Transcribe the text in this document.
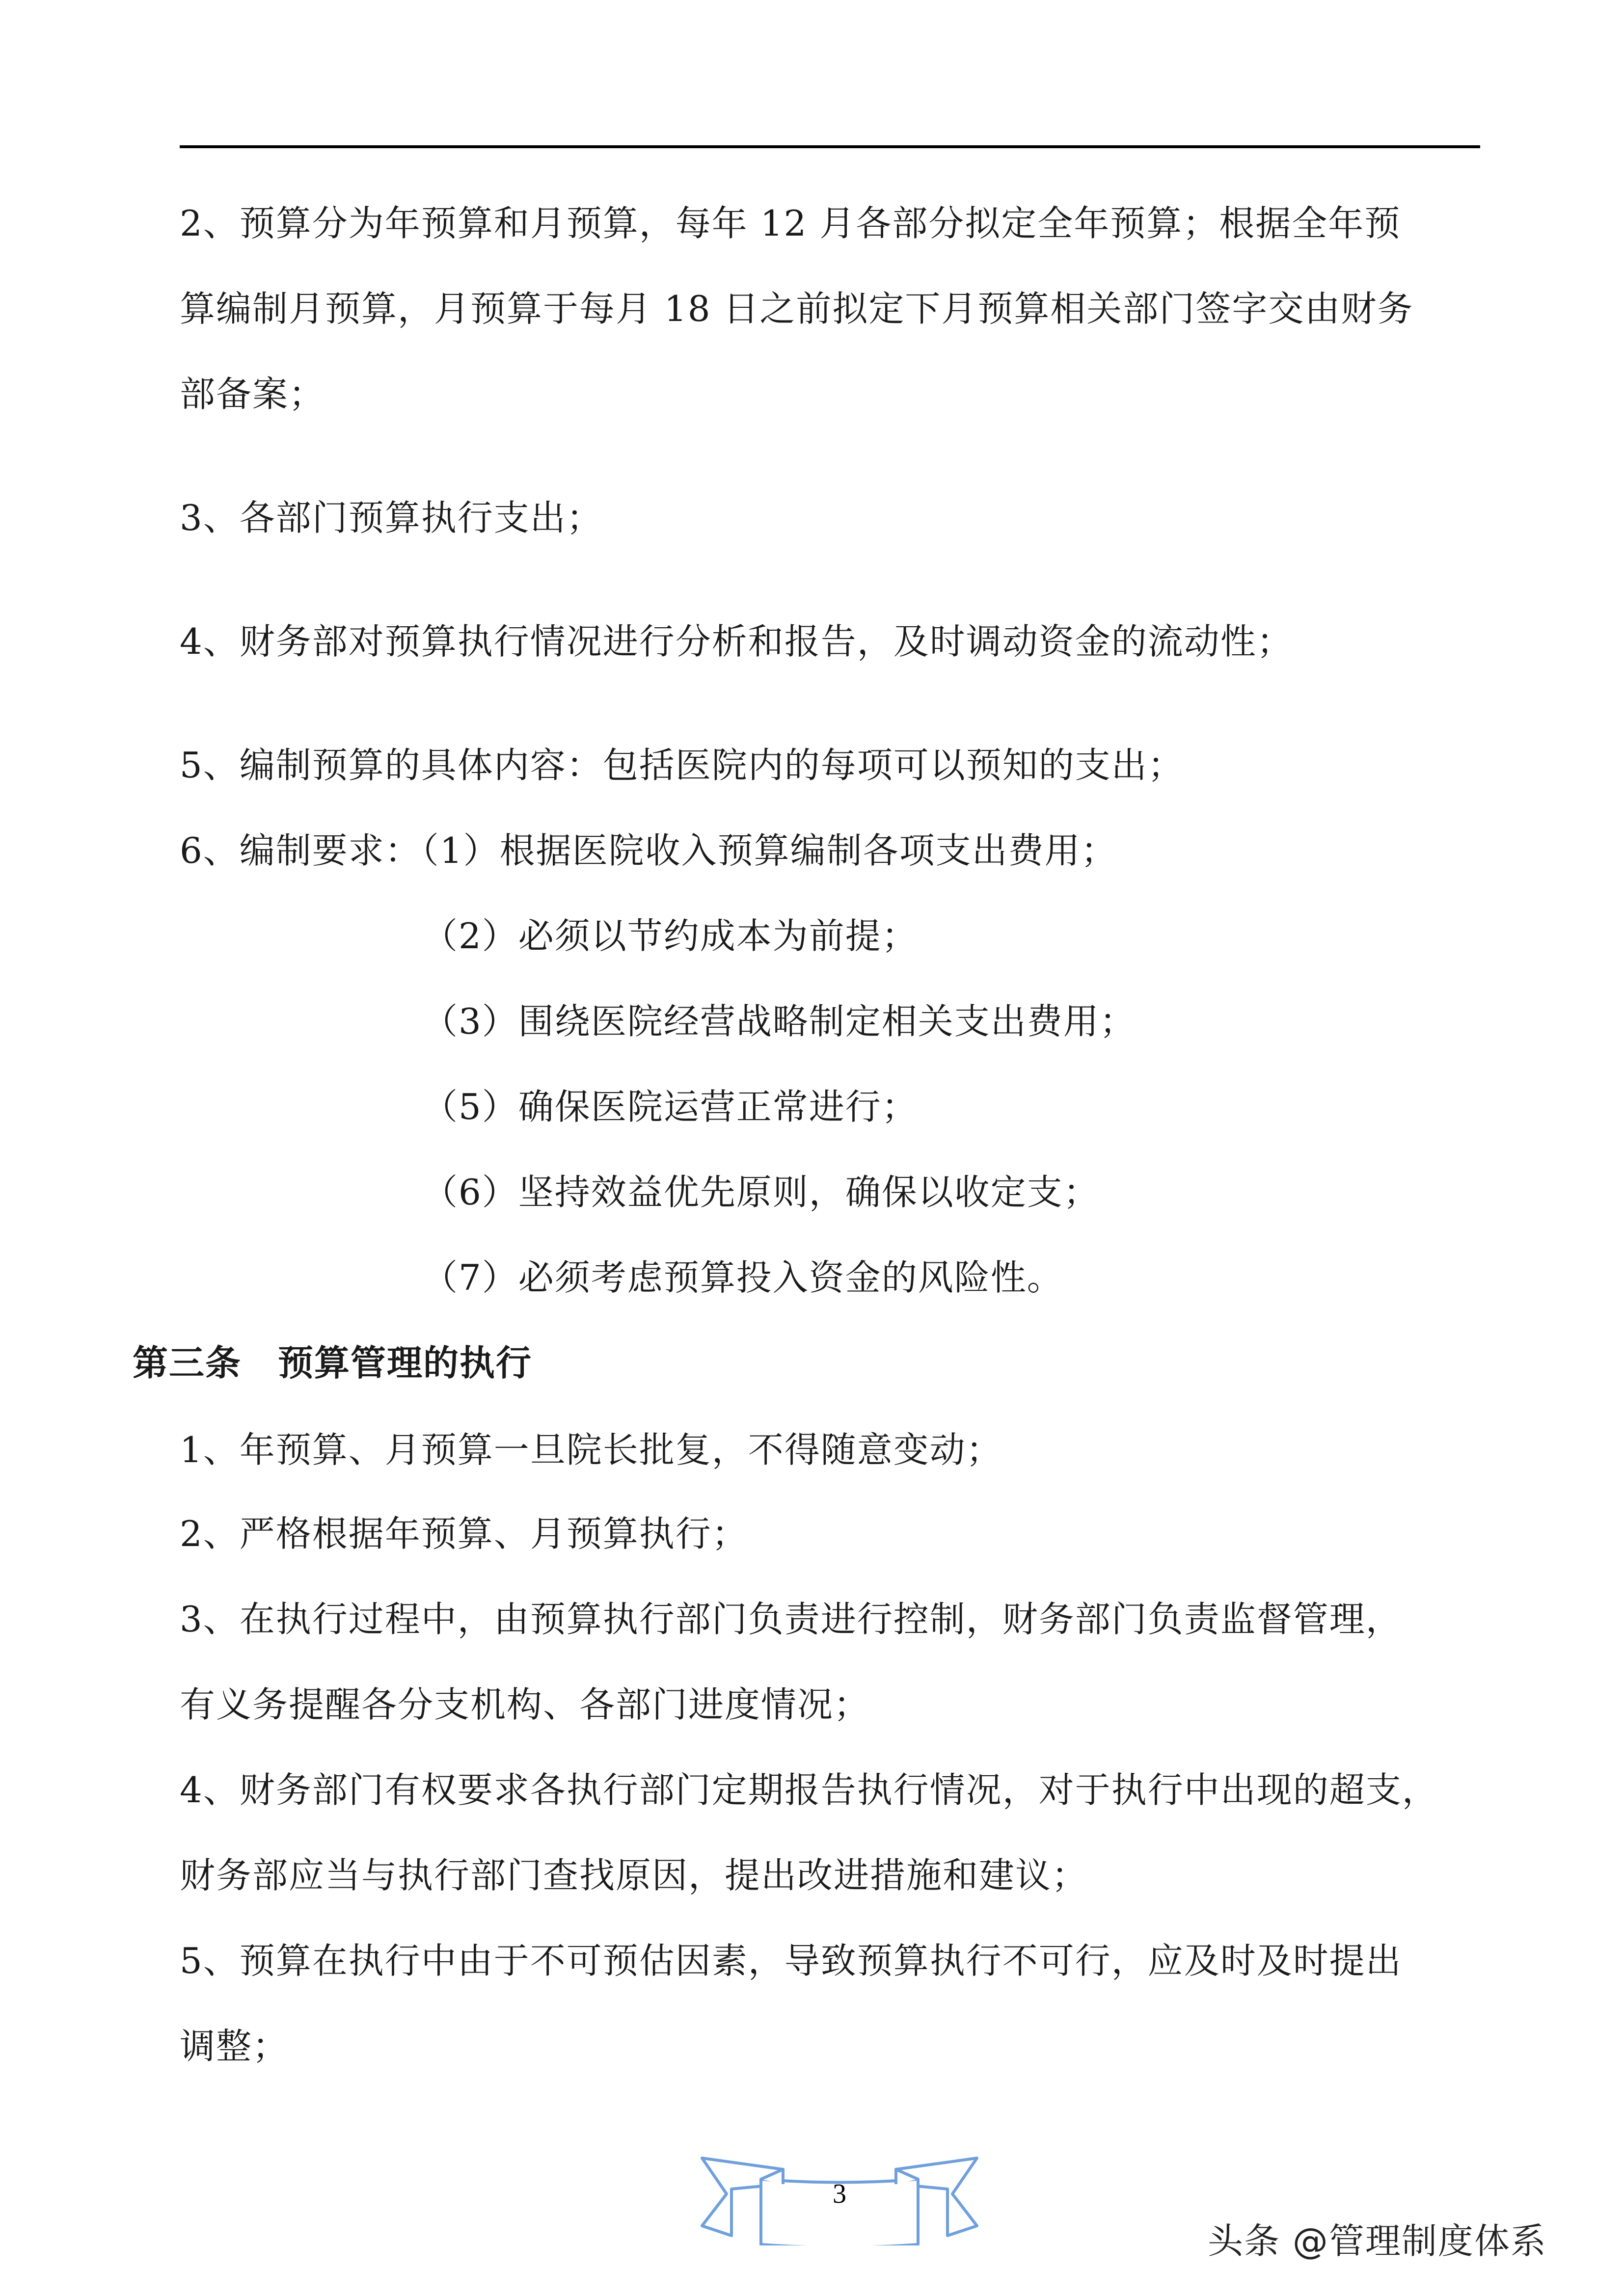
2、预算分为年预算和月预算，每年 12 月各部分拟定全年预算；根据全年预
算编制月预算，月预算于每月 18 日之前拟定下月预算相关部门签字交由财务
部备案；
3、各部门预算执行支出；
4、财务部对预算执行情况进行分析和报告，及时调动资金的流动性；
5、编制预算的具体内容：包括医院内的每项可以预知的支出；
6、编制要求：（1）根据医院收入预算编制各项支出费用；
（2）必须以节约成本为前提；
（3）围绕医院经营战略制定相关支出费用；
（5）确保医院运营正常进行；
（6）坚持效益优先原则，确保以收定支；
（7）必须考虑预算投入资金的风险性。
第三条　预算管理的执行
1、年预算、月预算一旦院长批复，不得随意变动；
2、严格根据年预算、月预算执行；
3、在执行过程中，由预算执行部门负责进行控制，财务部门负责监督管理，
有义务提醒各分支机构、各部门进度情况；
4、财务部门有权要求各执行部门定期报告执行情况，对于执行中出现的超支，
财务部应当与执行部门查找原因，提出改进措施和建议；
5、预算在执行中由于不可预估因素，导致预算执行不可行，应及时及时提出
调整；
3
头条 @管理制度体系
